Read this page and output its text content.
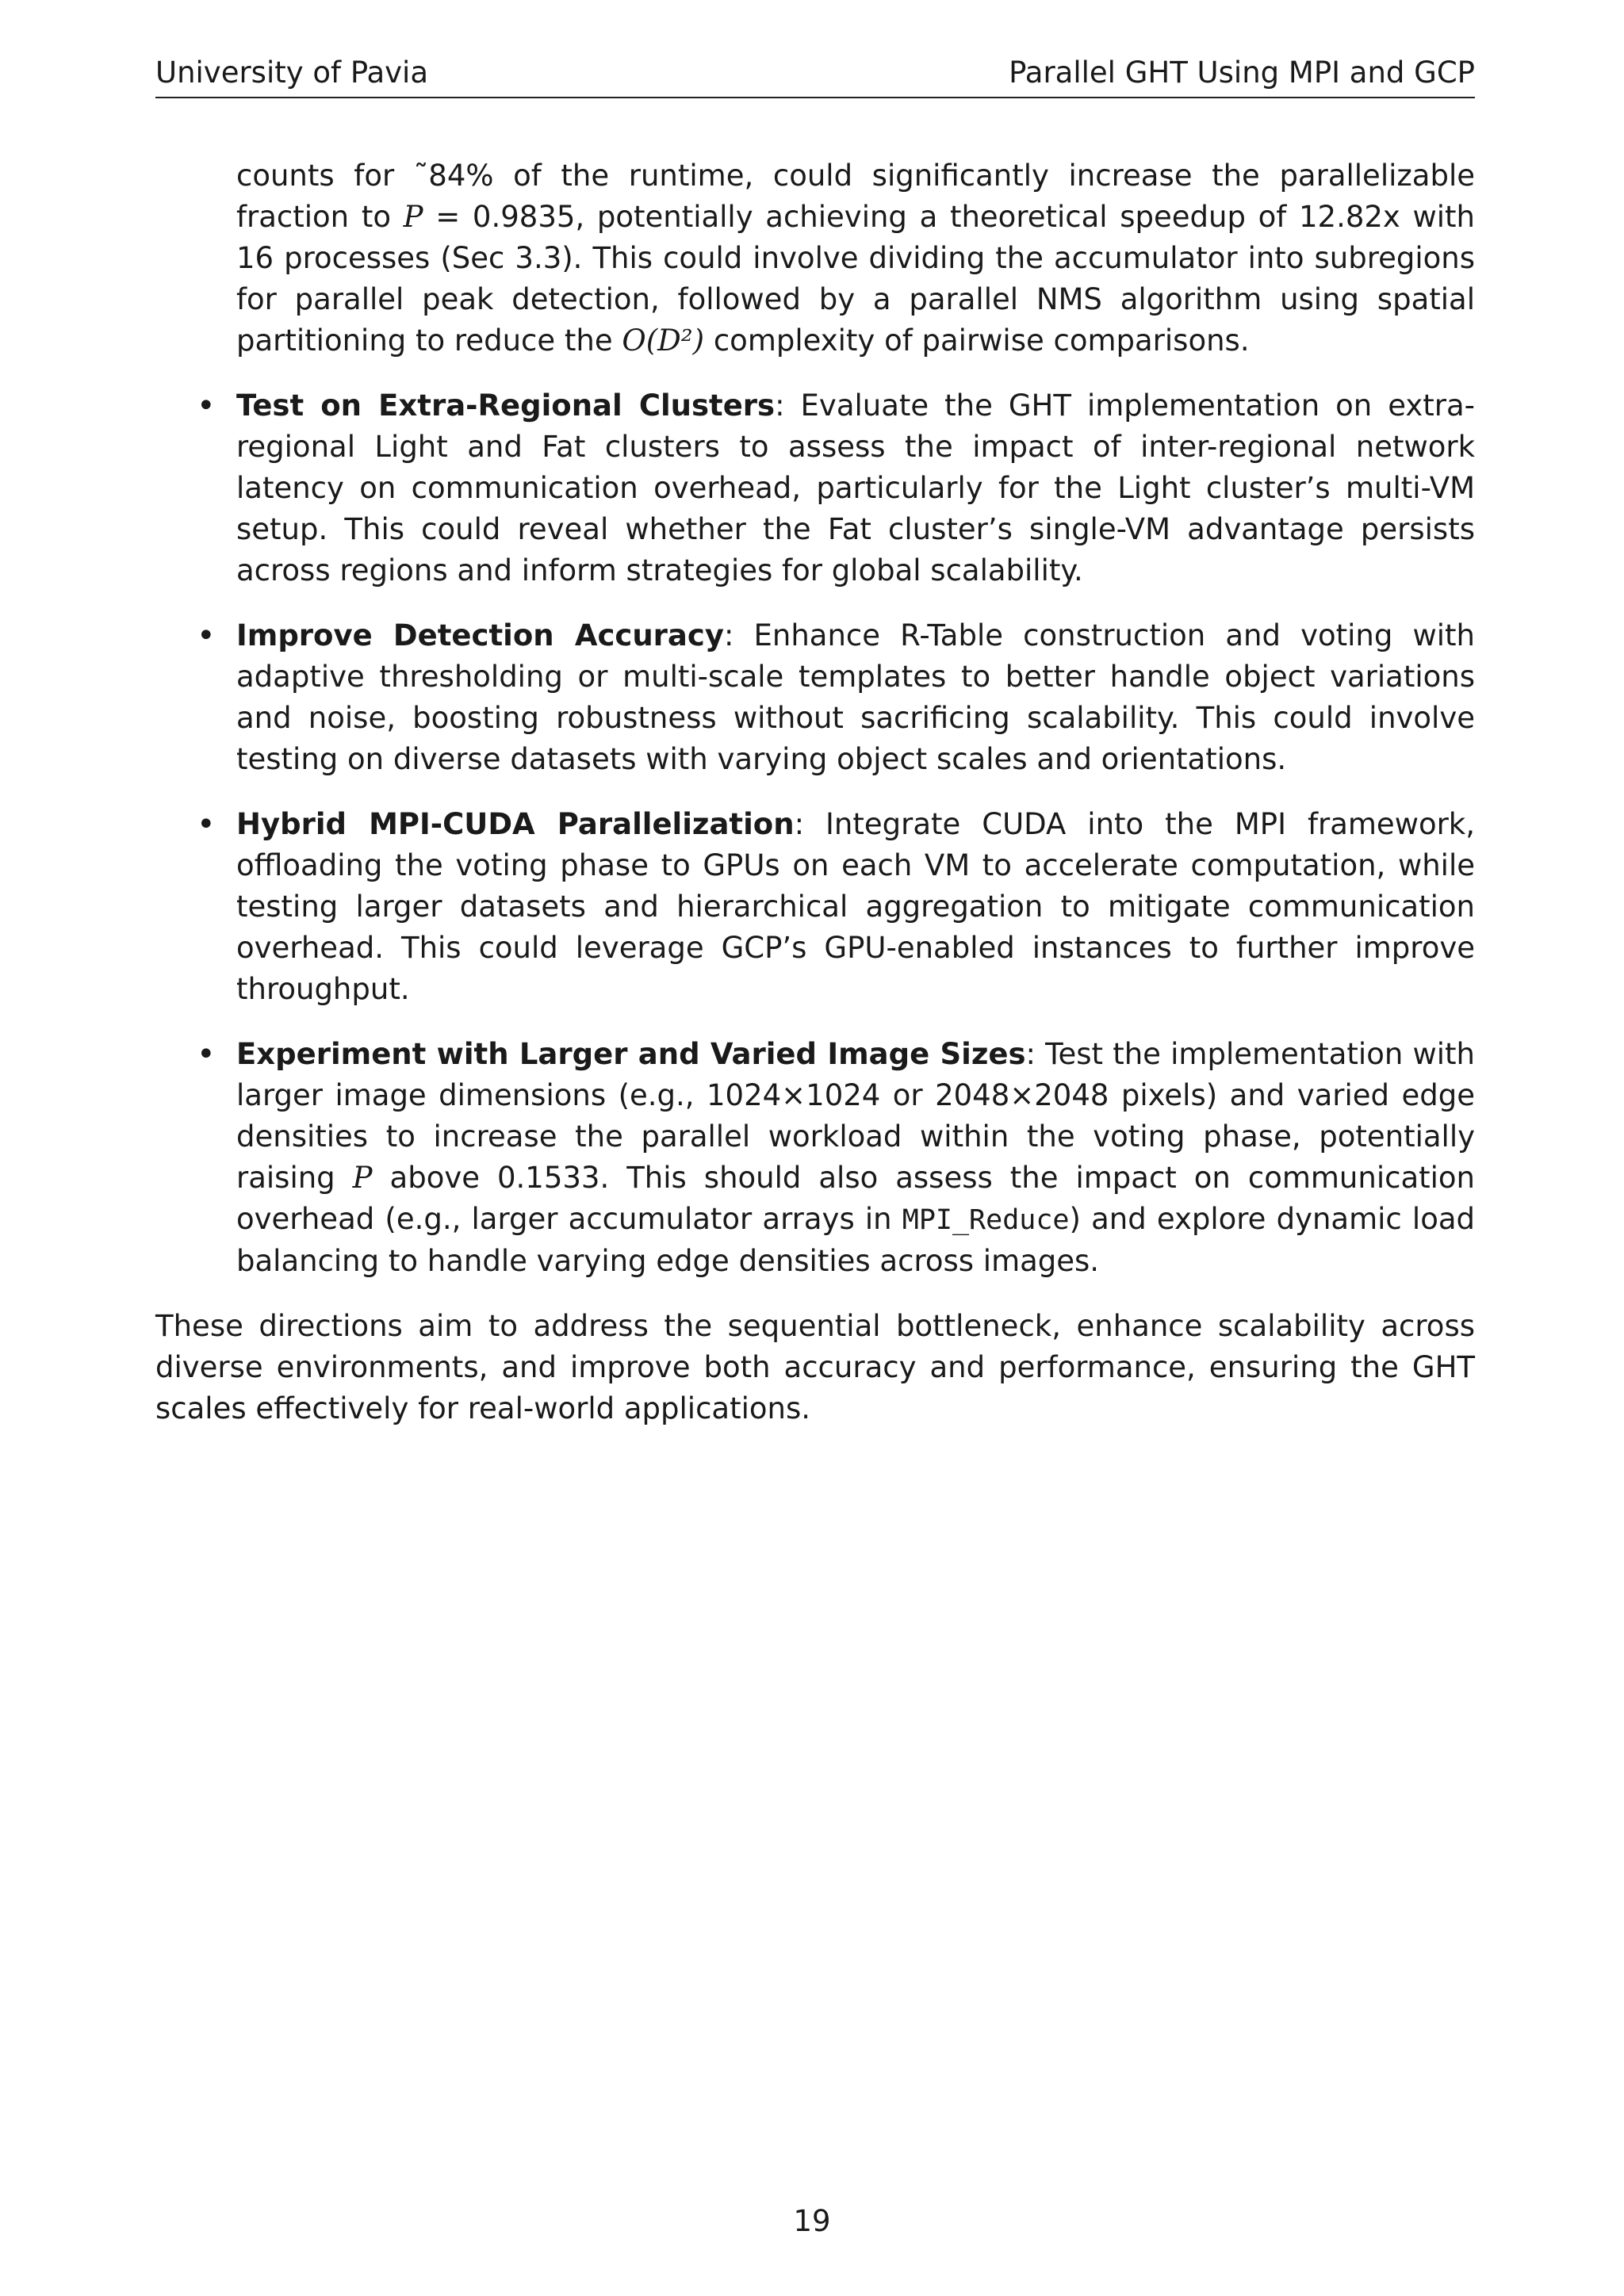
University of Pavia	Parallel GHT Using MPI and GCP

counts for ˜84% of the runtime, could significantly increase the parallelizable fraction to P = 0.9835, potentially achieving a theoretical speedup of 12.82x with 16 processes (Sec 3.3). This could involve dividing the accumulator into subregions for parallel peak detection, followed by a parallel NMS algorithm using spatial partitioning to reduce the O(D²) complexity of pairwise comparisons.

• Test on Extra-Regional Clusters: Evaluate the GHT implementation on extra-regional Light and Fat clusters to assess the impact of inter-regional network latency on communication overhead, particularly for the Light cluster’s multi-VM setup. This could reveal whether the Fat cluster’s single-VM advantage persists across regions and inform strategies for global scalability.
• Improve Detection Accuracy: Enhance R-Table construction and voting with adaptive thresholding or multi-scale templates to better handle object variations and noise, boosting robustness without sacrificing scalability. This could involve testing on diverse datasets with varying object scales and orientations.
• Hybrid MPI-CUDA Parallelization: Integrate CUDA into the MPI framework, offloading the voting phase to GPUs on each VM to accelerate computation, while testing larger datasets and hierarchical aggregation to mitigate communication overhead. This could leverage GCP’s GPU-enabled instances to further improve throughput.
• Experiment with Larger and Varied Image Sizes: Test the implementation with larger image dimensions (e.g., 1024×1024 or 2048×2048 pixels) and varied edge densities to increase the parallel workload within the voting phase, potentially raising P above 0.1533. This should also assess the impact on communication overhead (e.g., larger accumulator arrays in MPI_Reduce) and explore dynamic load balancing to handle varying edge densities across images.

These directions aim to address the sequential bottleneck, enhance scalability across diverse environments, and improve both accuracy and performance, ensuring the GHT scales effectively for real-world applications.

19
